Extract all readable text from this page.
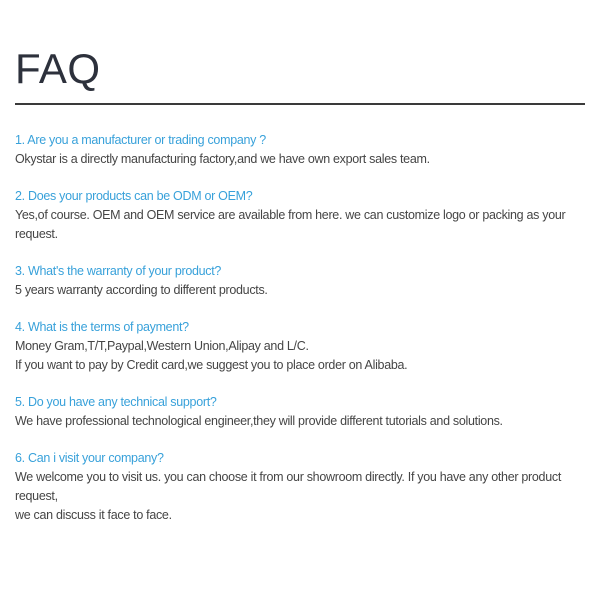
FAQ
1. Are you a manufacturer or trading company ?
Okystar is a directly manufacturing factory,and we have own export sales team.
2. Does your products can be ODM or OEM?
Yes,of course. OEM and OEM service are available from here. we can customize logo or packing as your request.
3. What's the warranty of your product?
5 years warranty according to different products.
4. What is the terms of payment?
Money Gram,T/T,Paypal,Western Union,Alipay and L/C.
If you want to pay by Credit card,we suggest you to place order on Alibaba.
5. Do you have any technical support?
We have professional technological engineer,they will provide different tutorials and solutions.
6. Can i visit your company?
We welcome you to visit us. you can choose it from our showroom directly. If you have any other product request,
we can discuss it face to face.
